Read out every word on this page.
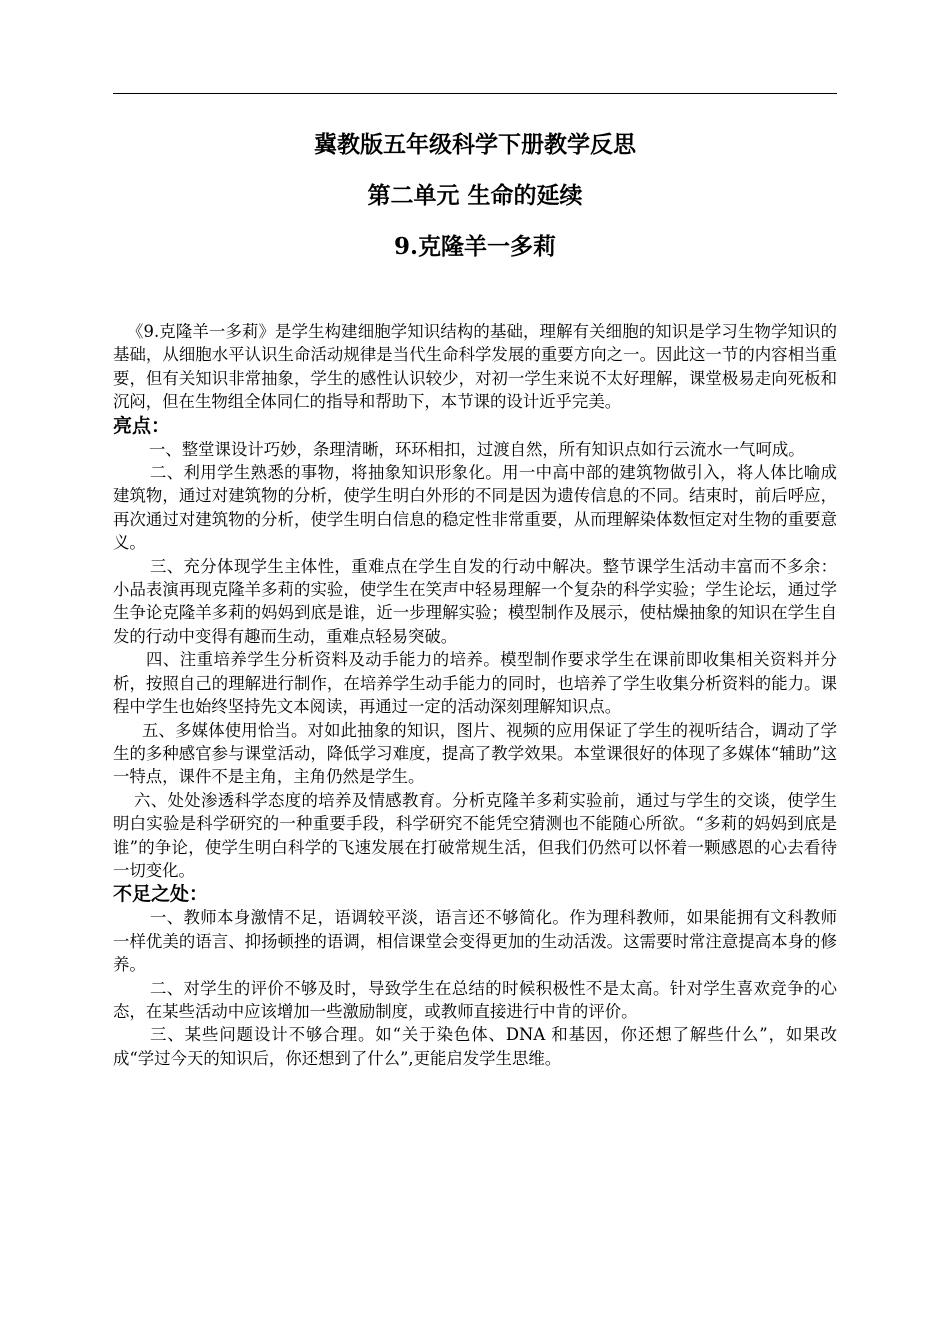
冀教版五年级科学下册教学反思
第二单元 生命的延续
9.克隆羊一多莉

《9.克隆羊一多莉》是学生构建细胞学知识结构的基础，理解有关细胞的知识是学习生物学知识的基础，从细胞水平认识生命活动规律是当代生命科学发展的重要方向之一。因此这一节的内容相当重要，但有关知识非常抽象，学生的感性认识较少，对初一学生来说不太好理解，课堂极易走向死板和沉闷，但在生物组全体同仁的指导和帮助下，本节课的设计近乎完美。

亮点：

一、整堂课设计巧妙，条理清晰，环环相扣，过渡自然，所有知识点如行云流水一气呵成。

二、利用学生熟悉的事物，将抽象知识形象化。用一中高中部的建筑物做引入，将人体比喻成建筑物，通过对建筑物的分析，使学生明白外形的不同是因为遗传信息的不同。结束时，前后呼应，再次通过对建筑物的分析，使学生明白信息的稳定性非常重要，从而理解染体数恒定对生物的重要意义。

三、充分体现学生主体性，重难点在学生自发的行动中解决。整节课学生活动丰富而不多余：小品表演再现克隆羊多莉的实验，使学生在笑声中轻易理解一个复杂的科学实验；学生论坛，通过学生争论克隆羊多莉的妈妈到底是谁，近一步理解实验；模型制作及展示，使枯燥抽象的知识在学生自发的行动中变得有趣而生动，重难点轻易突破。

四、注重培养学生分析资料及动手能力的培养。模型制作要求学生在课前即收集相关资料并分析，按照自己的理解进行制作，在培养学生动手能力的同时，也培养了学生收集分析资料的能力。课程中学生也始终坚持先文本阅读，再通过一定的活动深刻理解知识点。

五、多媒体使用恰当。对如此抽象的知识，图片、视频的应用保证了学生的视听结合，调动了学生的多种感官参与课堂活动，降低学习难度，提高了教学效果。本堂课很好的体现了多媒体“辅助”这一特点，课件不是主角，主角仍然是学生。

六、处处渗透科学态度的培养及情感教育。分析克隆羊多莉实验前，通过与学生的交谈，使学生明白实验是科学研究的一种重要手段，科学研究不能凭空猜测也不能随心所欲。“多莉的妈妈到底是谁”的争论，使学生明白科学的飞速发展在打破常规生活，但我们仍然可以怀着一颗感恩的心去看待一切变化。

不足之处：

一、教师本身激情不足，语调较平淡，语言还不够简化。作为理科教师，如果能拥有文科教师一样优美的语言、抑扬顿挫的语调，相信课堂会变得更加的生动活泼。这需要时常注意提高本身的修养。

二、对学生的评价不够及时，导致学生在总结的时候积极性不是太高。针对学生喜欢竞争的心态，在某些活动中应该增加一些激励制度，或教师直接进行中肯的评价。

三、某些问题设计不够合理。如“关于染色体、DNA 和基因，你还想了解些什么”，如果改成“学过今天的知识后，你还想到了什么”,更能启发学生思维。
